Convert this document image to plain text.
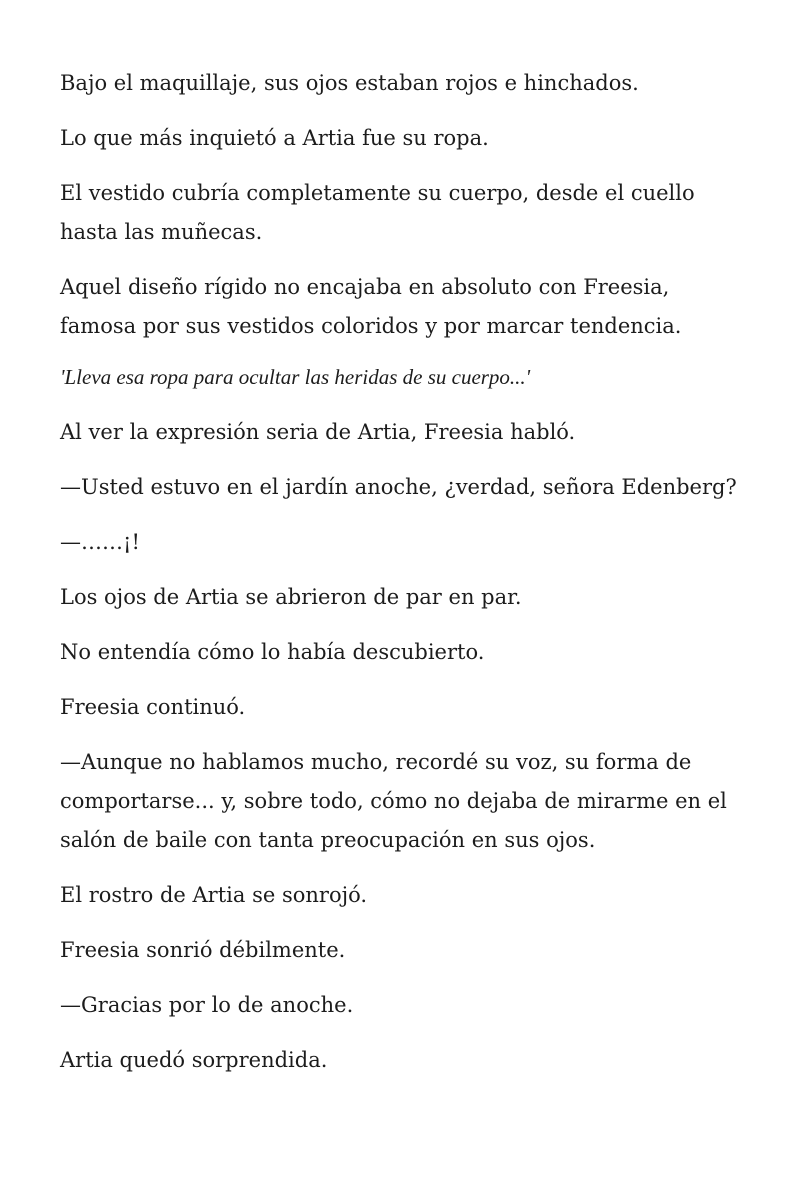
Bajo el maquillaje, sus ojos estaban rojos e hinchados.

Lo que más inquietó a Artia fue su ropa.

El vestido cubría completamente su cuerpo, desde el cuello hasta las muñecas.

Aquel diseño rígido no encajaba en absoluto con Freesia, famosa por sus vestidos coloridos y por marcar tendencia.

'Lleva esa ropa para ocultar las heridas de su cuerpo...'

Al ver la expresión seria de Artia, Freesia habló.

—Usted estuvo en el jardín anoche, ¿verdad, señora Edenberg?

—……¡!

Los ojos de Artia se abrieron de par en par.

No entendía cómo lo había descubierto.

Freesia continuó.

—Aunque no hablamos mucho, recordé su voz, su forma de comportarse... y, sobre todo, cómo no dejaba de mirarme en el salón de baile con tanta preocupación en sus ojos.

El rostro de Artia se sonrojó.

Freesia sonrió débilmente.

—Gracias por lo de anoche.

Artia quedó sorprendida.
